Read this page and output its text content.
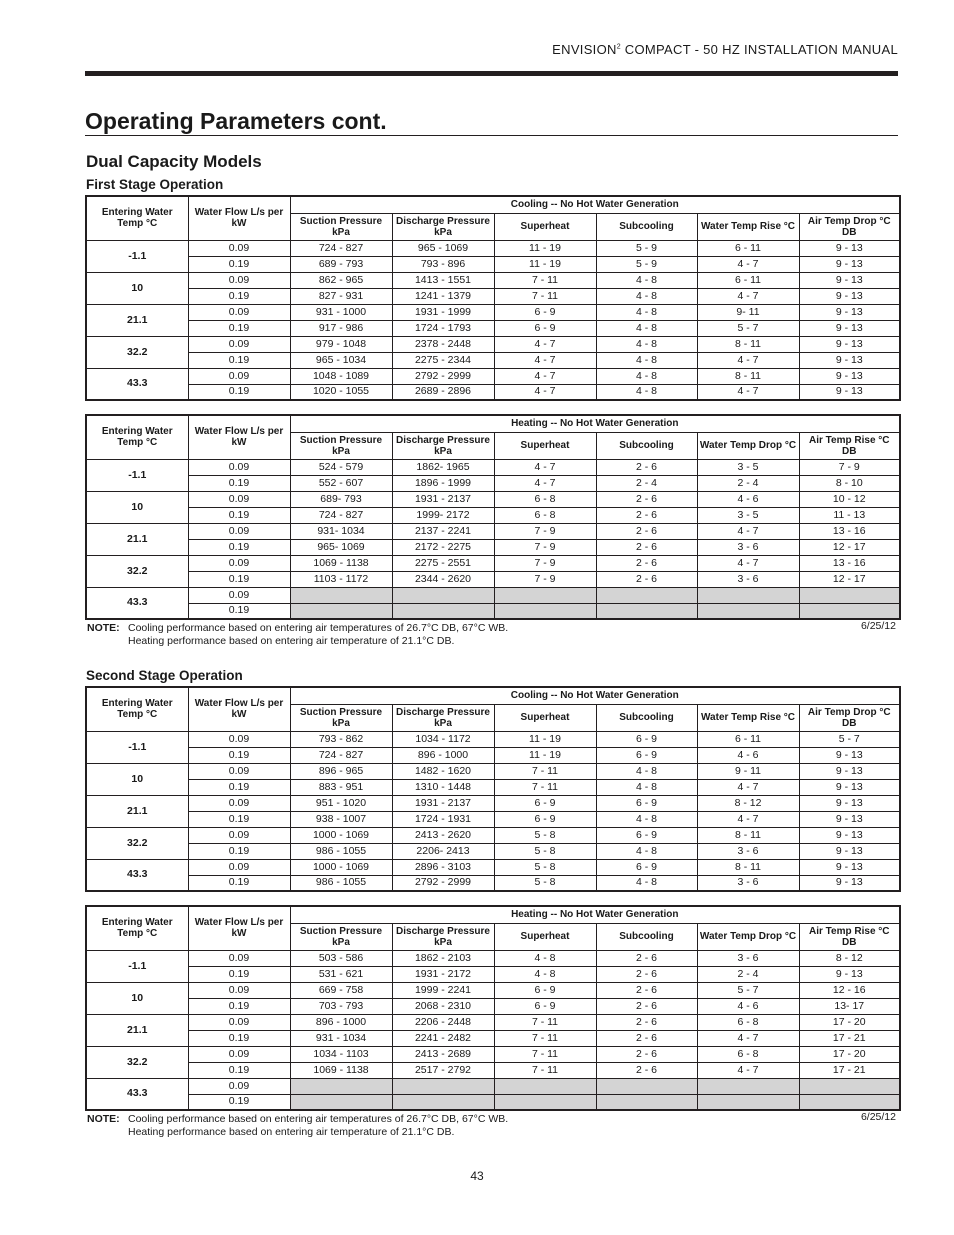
ENVISION$^2$ COMPACT - 50 HZ INSTALLATION MANUAL
Operating Parameters cont.
Dual Capacity Models
First Stage Operation
Entering Water Temp °C	Water Flow L/s per kW	Cooling -- No Hot Water Generation					
		Suction Pressure kPa	Discharge Pressure kPa	Superheat	Subcooling	Water Temp Rise °C	Air Temp Drop °C DB
-1.1	0.09	724 - 827	965 - 1069	11 - 19	5 - 9	6 - 11	9 - 13
	0.19	689 - 793	793 - 896	11 - 19	5 - 9	4 - 7	9 - 13
10	0.09	862 - 965	1413 - 1551	7 - 11	4 - 8	6 - 11	9 - 13
	0.19	827 - 931	1241 - 1379	7 - 11	4 - 8	4 - 7	9 - 13
21.1	0.09	931 - 1000	1931 - 1999	6 - 9	4 - 8	9- 11	9 - 13
	0.19	917 - 986	1724 - 1793	6 - 9	4 - 8	5 - 7	9 - 13
32.2	0.09	979 - 1048	2378 - 2448	4 - 7	4 - 8	8 - 11	9 - 13
	0.19	965 - 1034	2275 - 2344	4 - 7	4 - 8	4 - 7	9 - 13
43.3	0.09	1048 - 1089	2792 - 2999	4 - 7	4 - 8	8 - 11	9 - 13
	0.19	1020 - 1055	2689 - 2896	4 - 7	4 - 8	4 - 7	9 - 13
Entering Water Temp °C	Water Flow L/s per kW	Heating -- No Hot Water Generation					
		Suction Pressure kPa	Discharge Pressure kPa	Superheat	Subcooling	Water Temp Drop °C	Air Temp Rise °C DB
-1.1	0.09	524 - 579	1862- 1965	4 - 7	2 - 6	3 - 5	7 - 9
	0.19	552 - 607	1896 - 1999	4 - 7	2 - 4	2 - 4	8 - 10
10	0.09	689- 793	1931 - 2137	6 - 8	2 - 6	4 - 6	10 - 12
	0.19	724 - 827	1999- 2172	6 - 8	2 - 6	3 - 5	11 - 13
21.1	0.09	931- 1034	2137 - 2241	7 - 9	2 - 6	4 - 7	13 - 16
	0.19	965- 1069	2172 - 2275	7 - 9	2 - 6	3 - 6	12 - 17
32.2	0.09	1069 - 1138	2275 - 2551	7 - 9	2 - 6	4 - 7	13 - 16
	0.19	1103 - 1172	2344 - 2620	7 - 9	2 - 6	3 - 6	12 - 17
43.3	0.09						
	0.19						
NOTE: Cooling performance based on entering air temperatures of 26.7°C DB, 67°C WB.
Heating performance based on entering air temperature of 21.1°C DB.
6/25/12
Second Stage Operation
Entering Water Temp °C	Water Flow L/s per kW	Cooling -- No Hot Water Generation					
		Suction Pressure kPa	Discharge Pressure kPa	Superheat	Subcooling	Water Temp Rise °C	Air Temp Drop °C DB
-1.1	0.09	793 - 862	1034 - 1172	11 - 19	6 - 9	6 - 11	5 - 7
	0.19	724 - 827	896 - 1000	11 - 19	6 - 9	4 - 6	9 - 13
10	0.09	896 - 965	1482 - 1620	7 - 11	4 - 8	9 - 11	9 - 13
	0.19	883 - 951	1310 - 1448	7 - 11	4 - 8	4 - 7	9 - 13
21.1	0.09	951 - 1020	1931 - 2137	6 - 9	6 - 9	8 - 12	9 - 13
	0.19	938 - 1007	1724 - 1931	6 - 9	4 - 8	4 - 7	9 - 13
32.2	0.09	1000 - 1069	2413 - 2620	5 - 8	6 - 9	8 - 11	9 - 13
	0.19	986 - 1055	2206- 2413	5 - 8	4 - 8	3 - 6	9 - 13
43.3	0.09	1000 - 1069	2896 - 3103	5 - 8	6 - 9	8 - 11	9 - 13
	0.19	986 - 1055	2792 - 2999	5 - 8	4 - 8	3 - 6	9 - 13
Entering Water Temp °C	Water Flow L/s per kW	Heating -- No Hot Water Generation					
		Suction Pressure kPa	Discharge Pressure kPa	Superheat	Subcooling	Water Temp Drop °C	Air Temp Rise °C DB
-1.1	0.09	503 - 586	1862 - 2103	4 - 8	2 - 6	3 - 6	8 - 12
	0.19	531 - 621	1931 - 2172	4 - 8	2 - 6	2 - 4	9 - 13
10	0.09	669 - 758	1999 - 2241	6 - 9	2 - 6	5 - 7	12 - 16
	0.19	703 - 793	2068 - 2310	6 - 9	2 - 6	4 - 6	13- 17
21.1	0.09	896 - 1000	2206 - 2448	7 - 11	2 - 6	6 - 8	17 - 20
	0.19	931 - 1034	2241 - 2482	7 - 11	2 - 6	4 - 7	17 - 21
32.2	0.09	1034 - 1103	2413 - 2689	7 - 11	2 - 6	6 - 8	17 - 20
	0.19	1069 - 1138	2517 - 2792	7 - 11	2 - 6	4 - 7	17 - 21
43.3	0.09						
	0.19						
NOTE: Cooling performance based on entering air temperatures of 26.7°C DB, 67°C WB.
Heating performance based on entering air temperature of 21.1°C DB.
6/25/12
43
